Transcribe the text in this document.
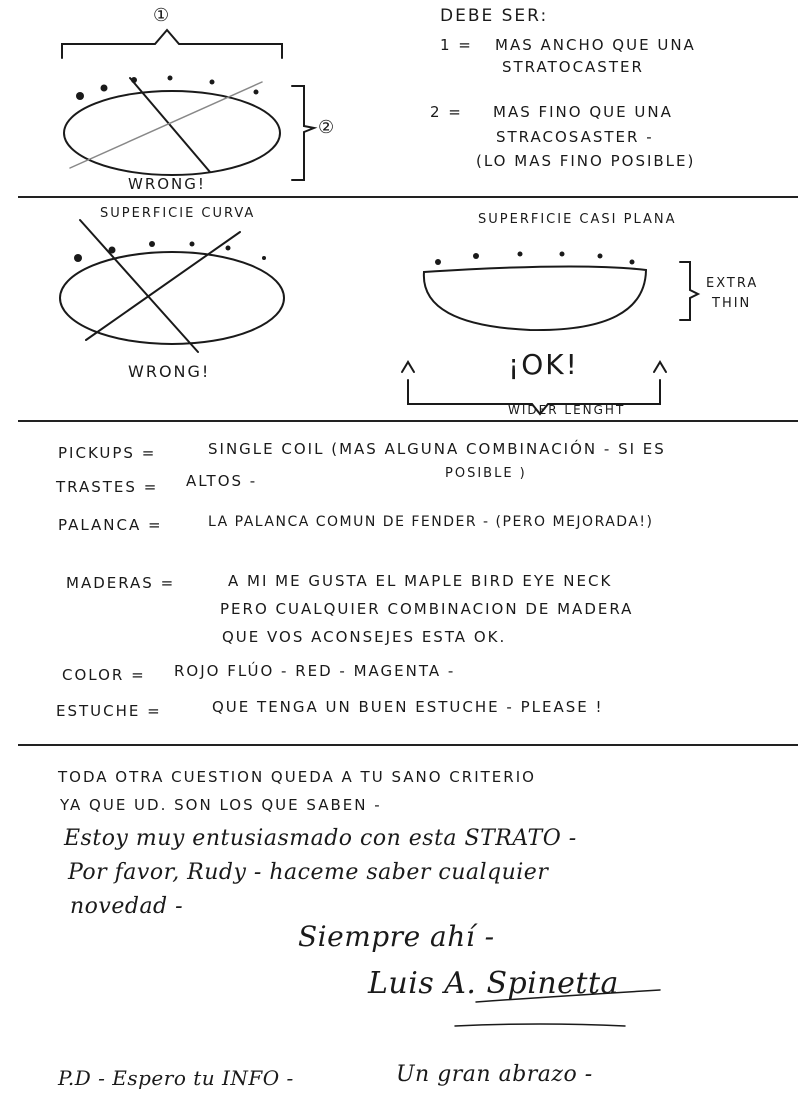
①
②
WRONG!
DEBE SER:
1 = MAS ANCHO QUE UNA
STRATOCASTER
2 = MAS FINO QUE UNA
STRACOSASTER -
(LO MAS FINO POSIBLE)
SUPERFICIE CURVA
WRONG!
SUPERFICIE CASI PLANA
EXTRA
THIN
¡OK!
WIDER LENGHT
PICKUPS =	SINGLE COIL (MAS ALGUNA COMBINACIÓN - SI ES
POSIBLE )
TRASTES = ALTOS -
PALANCA =	LA PALANCA COMUN DE FENDER - (PERO MEJORADA!)
MADERAS =	A MI ME GUSTA EL MAPLE BIRD EYE NECK
PERO CUALQUIER COMBINACION DE MADERA
QUE VOS ACONSEJES ESTA OK.
COLOR = ROJO FLÚO - RED - MAGENTA -
ESTUCHE =	QUE TENGA UN BUEN ESTUCHE - PLEASE !
TODA OTRA CUESTION QUEDA A TU SANO CRITERIO
YA QUE UD. SON LOS QUE SABEN -
Estoy muy entusiasmado con esta STRATO -
Por favor, Rudy - haceme saber cualquier
novedad -
Siempre ahí -
Luis A. Spinetta
P.D - Espero tu INFO -	Un gran abrazo -
